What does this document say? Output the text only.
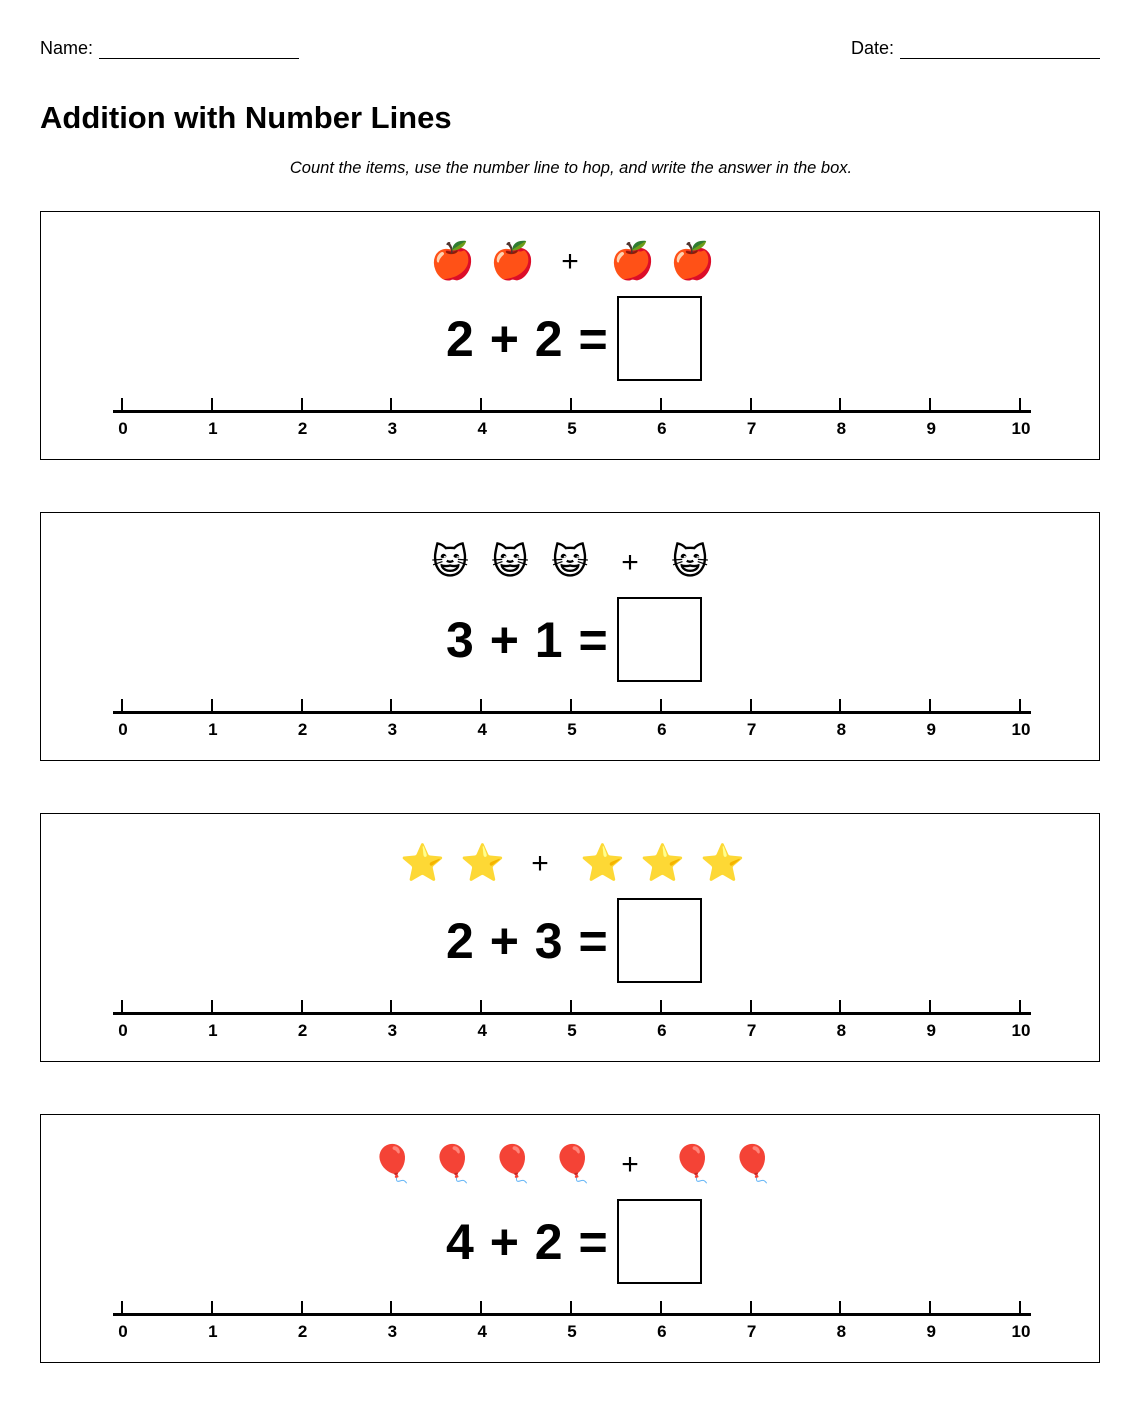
Name:	Date:
Addition with Number Lines
Count the items, use the number line to hop, and write the answer in the box.
🍎 🍎 + 🍎 🍎
2 + 2 =
0	1	2	3	4	5	6	7	8	9	10
😺 😺 😺	+ 😺
3 + 1 =
0	1	2	3	4	5	6	7	8	9	10
⭐ ⭐ + ⭐ ⭐ ⭐
2 + 3 =
0	1	2	3	4	5	6	7	8	9	10
🎈 🎈 🎈 🎈 + 🎈 🎈
4 + 2 =
0	1	2	3	4	5	6	7	8	9	10
